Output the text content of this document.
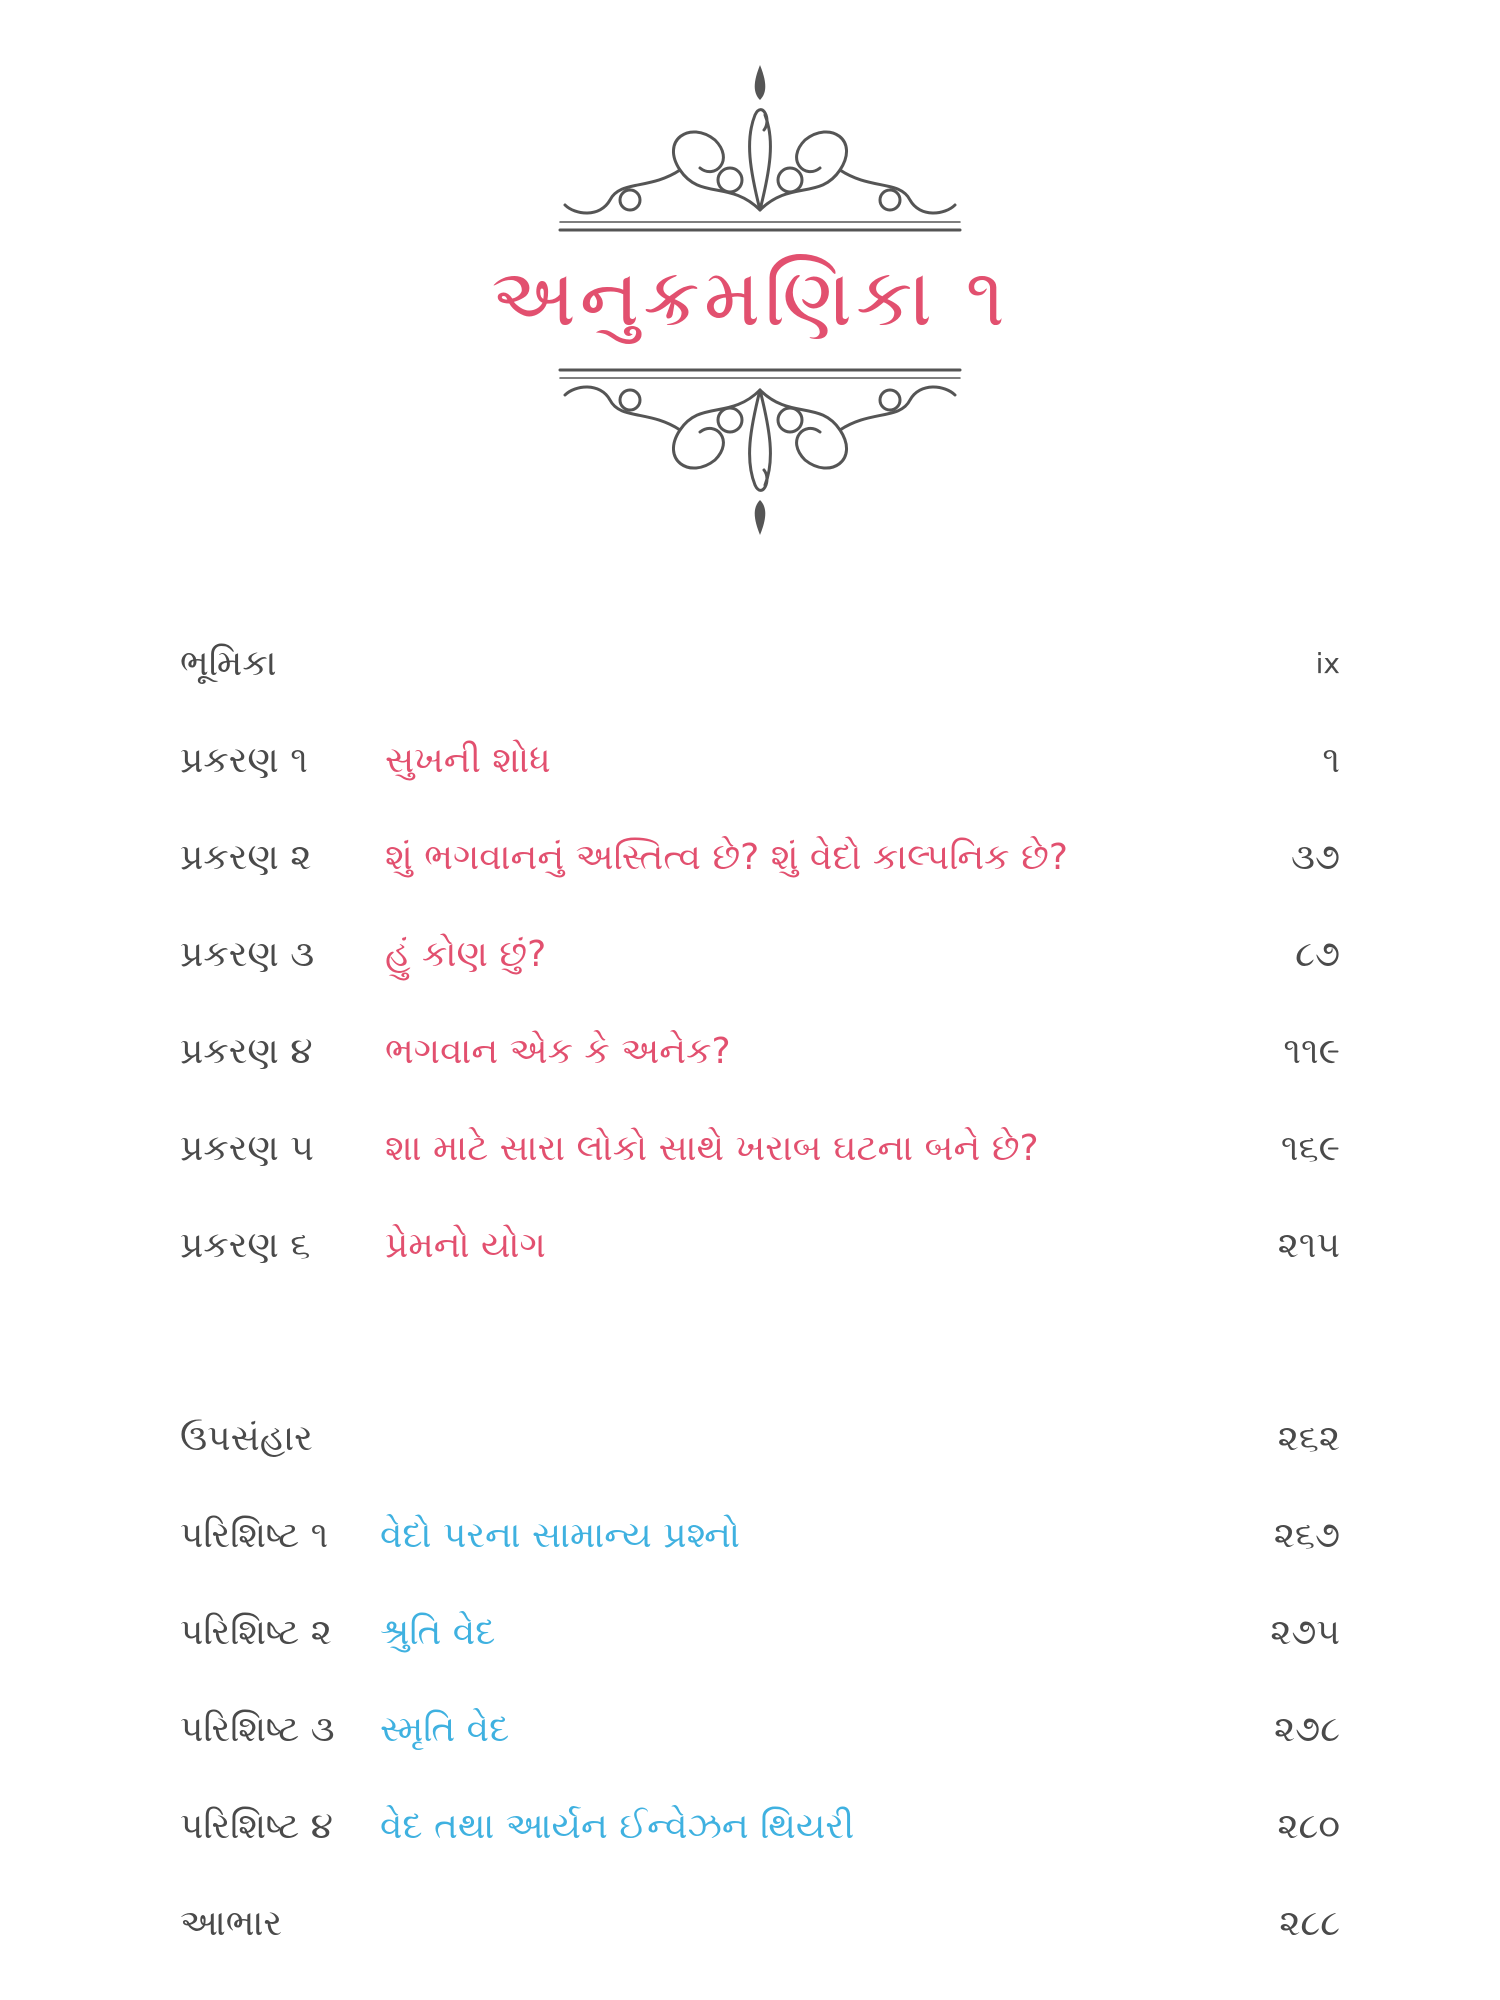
અનુક્રમણિકા ૧
ભૂમિકા	ix
પ્રકરણ ૧ સુખની શોધ	૧
પ્રકરણ ૨ શું ભગવાનનું અસ્તિત્વ છે? શું વેદો કાલ્પનિક છે?	૩૭
પ્રકરણ ૩ હું કોણ છું?	૮૭
પ્રકરણ ૪ ભગવાન એક કે અનેક?	૧૧૯
પ્રકરણ ૫ શા માટે સારા લોકો સાથે ખરાબ ઘટના બને છે?	૧૬૯
પ્રકરણ ૬ પ્રેમનો યોગ	૨૧૫
ઉપસંહાર	૨૬૨
પરિશિષ્ટ ૧ વેદો પરના સામાન્ય પ્રશ્નો	૨૬૭
પરિશિષ્ટ ૨ શ્રુતિ વેદ	૨૭૫
પરિશિષ્ટ ૩ સ્મૃતિ વેદ	૨૭૮
પરિશિષ્ટ ૪ વેદ તથા આર્યન ઈન્વેઝન થિયરી	૨૮૦
આભાર	૨૮૮
